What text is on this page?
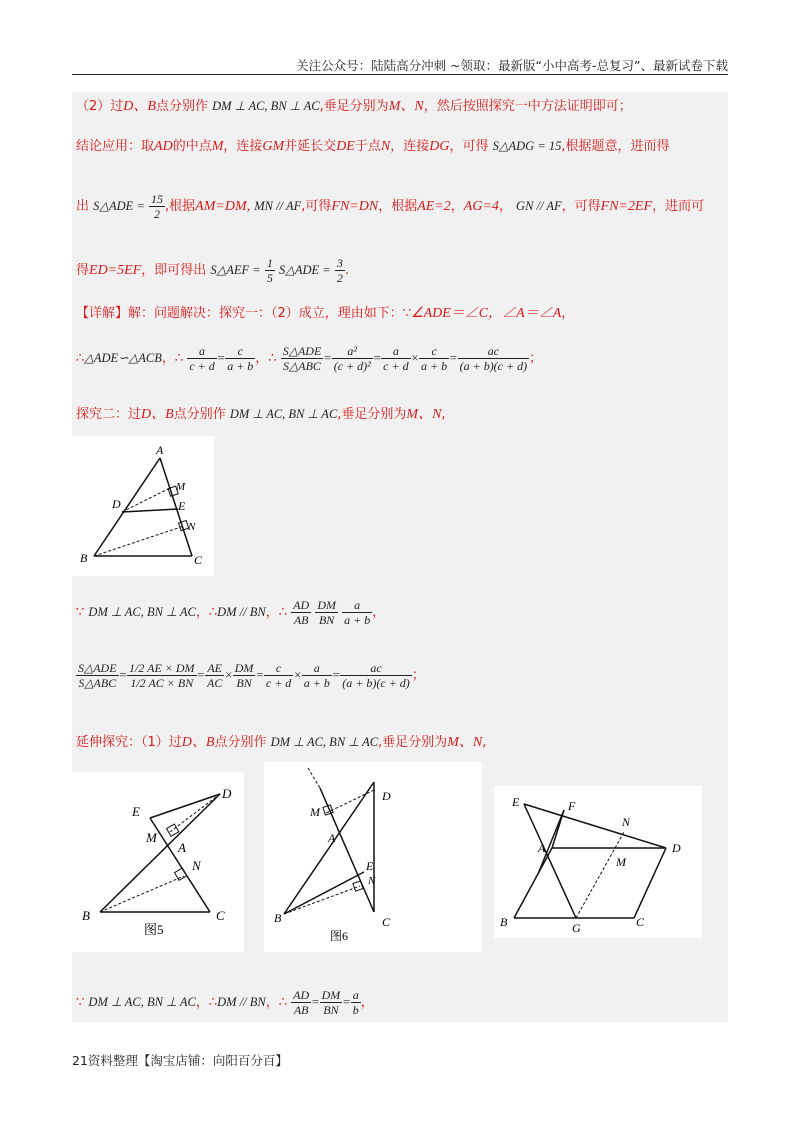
关注公众号：陆陆高分冲刺 ~领取：最新版“小中高考-总复习”、最新试卷下载
（2）过D、B点分别作 DM ⊥ AC, BN ⊥ AC,垂足分别为M、N，然后按照探究一中方法证明即可；
结论应用：取AD的中点M，连接GM并延长交DE于点N，连接DG，可得 S△ADG = 15,根据题意，进而得
出 S△ADE = $\frac{15}{2}$ ,根据AM=DM, MN // AF,可得FN=DN，根据AE=2，AG=4， GN // AF，可得FN=2EF，进而可
得ED=5EF，即可得出 S△AEF = $\frac{1}{5}$ S△ADE = $\frac{3}{2}$ .
【详解】解：问题解决：探究一：（2）成立，理由如下：∵∠ADE＝∠C，∠A＝∠A，
∴△ADE∽△ACB，∴ $\frac{a}{c + d} = \frac{c}{a + b}$ ，∴ $\frac{\text{S△ADE}}{\text{S△ABC}} = \frac{\text{a²}}{\text{(c + d)²}} = \frac{a}{c + d} \times \frac{c}{a + b} = \frac{ac}{(a + b)(c + d)}$ ；
探究二：过D、B点分别作 DM ⊥ AC, BN ⊥ AC,垂足分别为M、N,
A
M
D	E
N
B	C
∵ DM ⊥ AC, BN ⊥ AC，∴DM // BN，∴ $\frac{AD}{AB}$
$\frac{DM}{BN}$
$\frac{a}{a + b}$ ，
$\frac{\text{S△ADE}}{\text{S△ABC}} = \frac{1/2 AE \times DM}{1/2 AC \times BN} = \frac{AE}{AC} \times \frac{DM}{BN} = \frac{c}{c + d} \times \frac{a}{a + b} = \frac{ac}{(a + b)(c + d)}$ ；
延伸探究：（1）过D、B点分别作 DM ⊥ AC, BN ⊥ AC,垂足分别为M、N,
E
D
M
A
N
B	C
图5
M
D
A
E
N
B	C
图6
E	F
N
A
M
D
B	G	C
∵ DM ⊥ AC, BN ⊥ AC，∴DM // BN，∴ $\frac{AD}{AB} = \frac{DM}{BN} = \frac{a}{b}$ ，
21资料整理【淘宝店铺：向阳百分百】
